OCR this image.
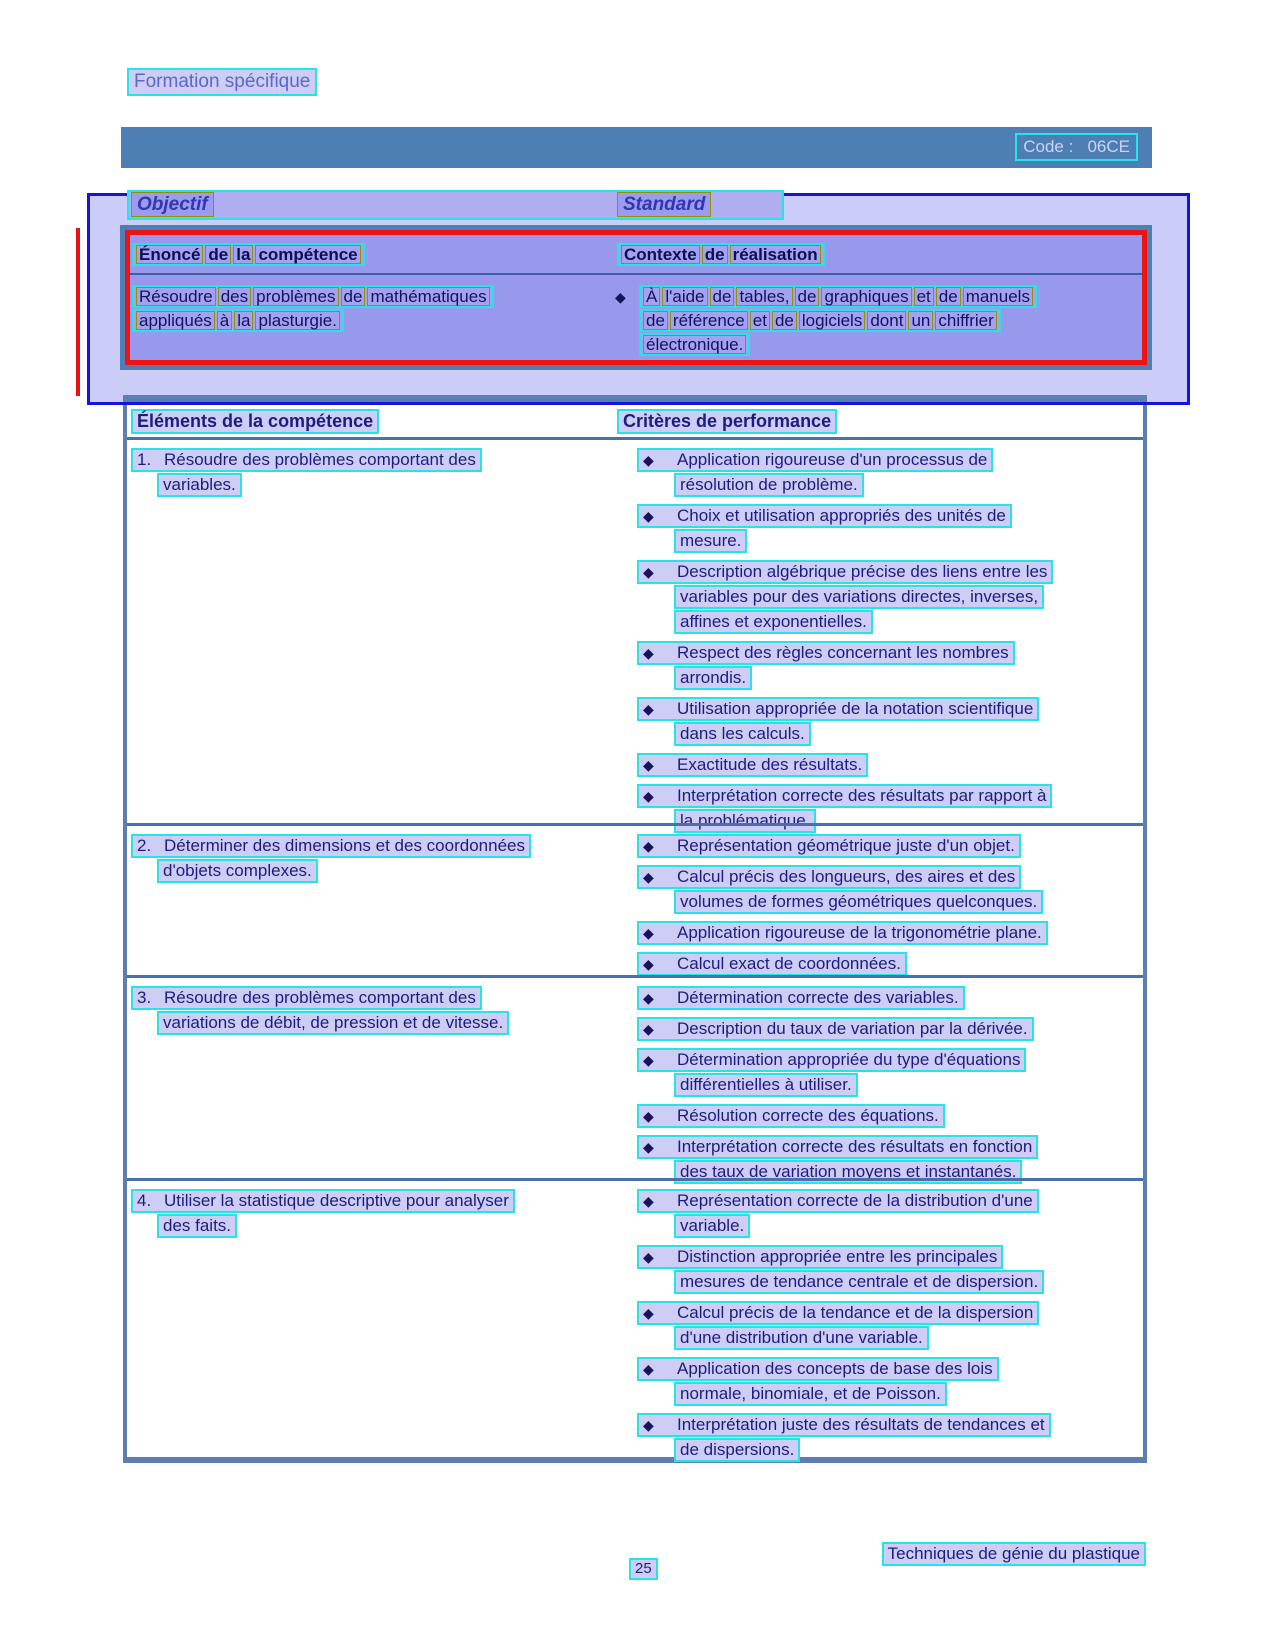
Formation spécifique
Code :   06CE
Objectif	Standard
Énoncé de la compétence	Contexte de réalisation
Résoudre des problèmes de mathématiques
appliqués à la plasturgie.
◆	À l'aide de tables, de graphiques et de manuels
de référence et de logiciels dont un chiffrier
électronique.
Éléments de la compétence	Critères de performance
1. Résoudre des problèmes comportant des
variables.
◆ Application rigoureuse d'un processus de
résolution de problème.
◆ Choix et utilisation appropriés des unités de
mesure.
◆ Description algébrique précise des liens entre les
variables pour des variations directes, inverses,
affines et exponentielles.
◆ Respect des règles concernant les nombres
arrondis.
◆ Utilisation appropriée de la notation scientifique
dans les calculs.
◆ Exactitude des résultats.
◆ Interprétation correcte des résultats par rapport à
la problématique.
2. Déterminer des dimensions et des coordonnées
d'objets complexes.
◆ Représentation géométrique juste d'un objet.
◆ Calcul précis des longueurs, des aires et des
volumes de formes géométriques quelconques.
◆ Application rigoureuse de la trigonométrie plane.
◆ Calcul exact de coordonnées.
3. Résoudre des problèmes comportant des
variations de débit, de pression et de vitesse.
◆ Détermination correcte des variables.
◆ Description du taux de variation par la dérivée.
◆ Détermination appropriée du type d'équations
différentielles à utiliser.
◆ Résolution correcte des équations.
◆ Interprétation correcte des résultats en fonction
des taux de variation moyens et instantanés.
4. Utiliser la statistique descriptive pour analyser
des faits.
◆ Représentation correcte de la distribution d'une
variable.
◆ Distinction appropriée entre les principales
mesures de tendance centrale et de dispersion.
◆ Calcul précis de la tendance et de la dispersion
d'une distribution d'une variable.
◆ Application des concepts de base des lois
normale, binomiale, et de Poisson.
◆ Interprétation juste des résultats de tendances et
de dispersions.
Techniques de génie du plastique
25
